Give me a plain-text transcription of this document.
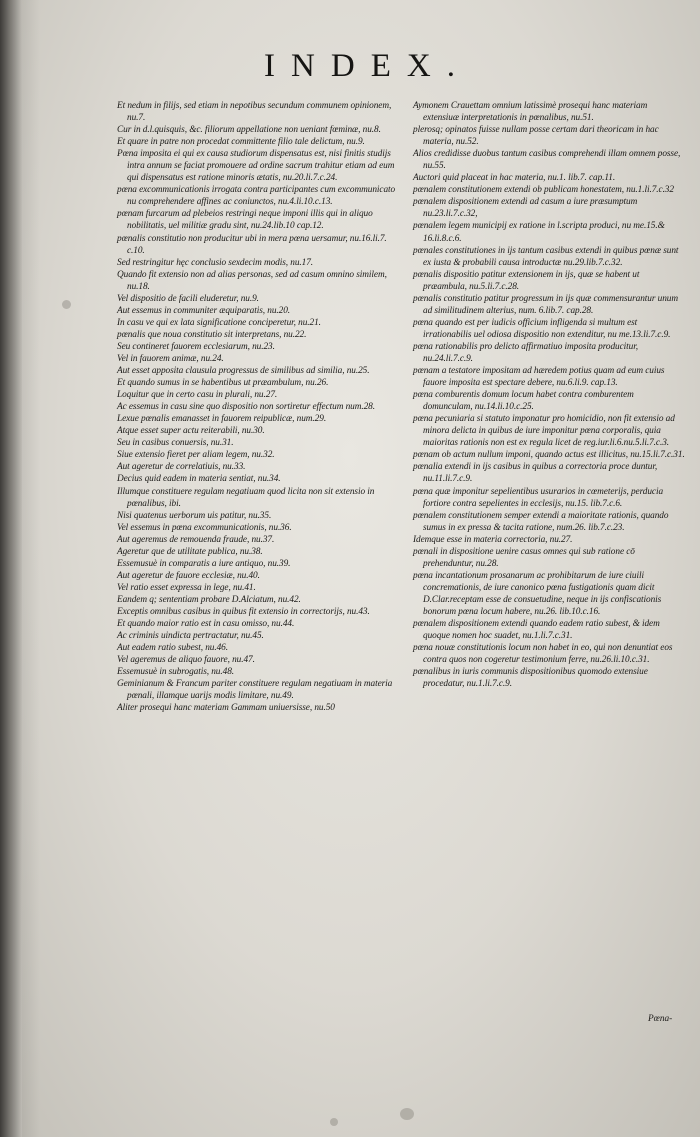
INDEX.

Et nedum in filijs, sed etiam in nepotibus secundum communem opinionem, nu.7.

Cur in d.l.quisquis, &c. filiorum appellatione non ueniant fœminæ, nu.8.

Et quare in patre non procedat committente filio tale delictum, nu.9.

Pœna imposita ei qui ex causa studiorum dispensatus est, nisi finitis studijs intra annum se faciat promouere ad ordine sacrum trahitur etiam ad eum qui dispensatus est ratione minoris ætatis, nu.20.li.7.c.24.

pœna excommunicationis irrogata contra participantes cum excommunicato nu comprehendere affines ac coniunctos, nu.4.li.10.c.13.

pœnam furcarum ad plebeios restringi neque imponi illis qui in aliquo nobilitatis, uel militiæ gradu sint, nu.24.lib.10 cap.12.

pœnalis constitutio non producitur ubi in mera pœna uersamur, nu.16.li.7. c.10.

Sed restringitur hęc conclusio sexdecim modis, nu.17.

Quando fit extensio non ad alias personas, sed ad casum omnino similem, nu.18.

Vel dispositio de facili eluderetur, nu.9.

Aut essemus in communiter æquiparatis, nu.20.

In casu ve qui ex lata significatione conciperetur, nu.21.

pœnalis que noua constitutio sit interpretans, nu.22.

Seu contineret fauorem ecclesiarum, nu.23.

Vel in fauorem animæ, nu.24.

Aut esset apposita clausula progressus de similibus ad similia, nu.25.

Et quando sumus in se habentibus ut præambulum, nu.26.

Loquitur que in certo casu in plurali, nu.27.

Ac essemus in casu sine quo dispositio non sortiretur effectum num.28.

Lexue pœnalis emanasset in fauorem reipublicæ, num.29.

Atque esset super actu reiterabili, nu.30.

Seu in casibus conuersis, nu.31.

Siue extensio fieret per aliam legem, nu.32.

Aut ageretur de correlatiuis, nu.33.

Decius quid eadem in materia sentiat, nu.34.

Illumque constituere regulam negatiuam quod licita non sit extensio in pœnalibus, ibi.

Nisi quatenus uerborum uis patitur, nu.35.

Vel essemus in pœna excommunicationis, nu.36.

Aut ageremus de remouenda fraude, nu.37.

Ageretur que de utilitate publica, nu.38.

Essemusuè in comparatis a iure antiquo, nu.39.

Aut ageretur de fauore ecclesiæ, nu.40.

Vel ratio esset expressa in lege, nu.41.

Eandem q; sententiam probare D.Alciatum, nu.42.

Exceptis omnibus casibus in quibus fit extensio in correctorijs, nu.43.

Et quando maior ratio est in casu omisso, nu.44.

Ac criminis uindicta pertractatur, nu.45.

Aut eadem ratio subest, nu.46.

Vel ageremus de aliquo fauore, nu.47.

Essemusuè in subrogatis, nu.48.

Geminianum & Francum pariter constituere regulam negatiuam in materia pœnali, illamque uarijs modis limitare, nu.49.

Aliter prosequi hanc materiam Gammam uniuersisse, nu.50

Aymonem Crauettam omnium latissimè prosequi hanc materiam extensiuæ interpretationis in pœnalibus, nu.51.

plerosq; opinatos fuisse nullam posse certam dari theoricam in hac materia, nu.52.

Alios credidisse duobus tantum casibus comprehendi illam omnem posse, nu.55.

Auctori quid placeat in hac materia, nu.1. lib.7. cap.11.

pœnalem constitutionem extendi ob publicam honestatem, nu.1.li.7.c.32

pœnalem dispositionem extendi ad casum a iure præsumptum nu.23.li.7.c.32,

pœnalem legem municipij ex ratione in l.scripta produci, nu me.15.& 16.li.8.c.6.

pœnales constitutiones in ijs tantum casibus extendi in quibus pœnæ sunt ex iusta & probabili causa introductæ nu.29.lib.7.c.32.

pœnalis dispositio patitur extensionem in ijs, quæ se habent ut præambula, nu.5.li.7.c.28.

pœnalis constitutio patitur progressum in ijs quæ commensurantur unum ad similitudinem alterius, num. 6.lib.7. cap.28.

pœna quando est per iudicis officium infligenda si multum est irrationabilis uel odiosa dispositio non extenditur, nu me.13.li.7.c.9.

pœna rationabilis pro delicto affirmatiuo imposita producitur, nu.24.li.7.c.9.

pœnam a testatore impositam ad hæredem potius quam ad eum cuius fauore imposita est spectare debere, nu.6.li.9. cap.13.

pœna comburentis domum locum habet contra comburentem domunculam, nu.14.li.10.c.25.

pœna pecuniaria si statuto imponatur pro homicidio, non fit extensio ad minora delicta in quibus de iure imponitur pœna corporalis, quia maioritas rationis non est ex regula licet de reg.iur.li.6.nu.5.li.7.c.3.

pœnam ob actum nullum imponi, quando actus est illicitus, nu.15.li.7.c.31.

pœnalia extendi in ijs casibus in quibus a correctoria proce duntur, nu.11.li.7.c.9.

pœna quæ imponitur sepelientibus usurarios in cœmeterijs, perducia fortiore contra sepelientes in ecclesijs, nu.15. lib.7.c.6.

pœnalem constitutionem semper extendi a maioritate rationis, quando sumus in ex pressa & tacita ratione, num.26. lib.7.c.23.

Idemque esse in materia correctoria, nu.27.

pœnali in dispositione uenire casus omnes qui sub ratione cō prehenduntur, nu.28.

pœna incantationum prosanarum ac prohibitarum de iure ciuili concremationis, de iure canonico pœna fustigationis quam dicit D.Clar.receptam esse de consuetudine, neque in ijs confiscationis bonorum pœna locum habere, nu.26. lib.10.c.16.

pœnalem dispositionem extendi quando eadem ratio subest, & idem quoque nomen hoc suadet, nu.1.li.7.c.31.

pœna nouæ constitutionis locum non habet in eo, qui non denuntiat eos contra quos non cogeretur testimonium ferre, nu.26.li.10.c.31.

pœnalibus in iuris communis dispositionibus quomodo extensiue procedatur, nu.1.li.7.c.9.

Pœna-
